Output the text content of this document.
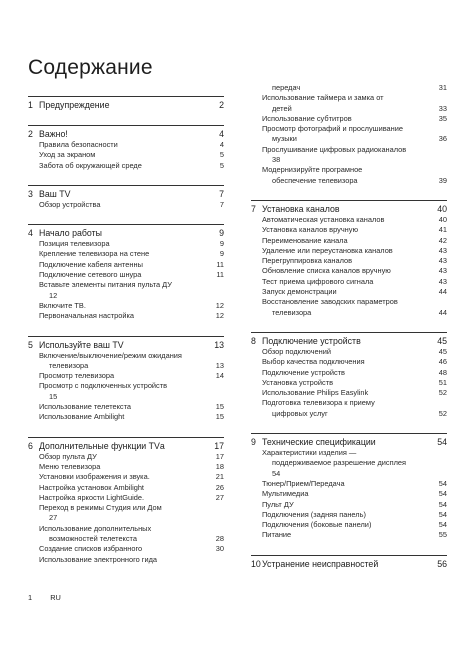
Содержание
1 Предупреждение	2
2 Важно!	4
Правила безопасности	4
Уход за экраном	5
Забота об окружающей среде	5
3 Ваш TV	7
Обзор устройства	7
4 Начало работы	9
Позиция телевизора	9
Крепление телевизора на стене	9
Подключение кабеля антенны	11
Подключение сетевого шнура	11
Вставьте элементы питания пульта ДУ
12
Включите ТВ.	12
Первоначальная настройка	12
5 Используйте ваш TV	13
Включение/выключение/режим ожидания
телевизора	13
Просмотр телевизора	14
Просмотр с подключенных устройств
15
Использование телетекста	15
Использование Ambilight	15
6 Дополнительные функции TVа	17
Обзор пульта ДУ	17
Меню телевизора	18
Установки изображения и звука.	21
Настройка установок Ambilight	26
Настройка яркости LightGuide.	27
Переход в режимы Студия или Дом
27
Использование дополнительных
возможностей телетекста	28
Создание списков избранного	30
Использование электронного гида
передач	31
Использование таймера и замка от
детей	33
Использование субтитров	35
Просмотр фотографий и прослушивание
музыки	36
Прослушивание цифровых радиоканалов
38
Модернизируйте програмное
обеспечение телевизора	39
7 Установка каналов	40
Автоматическая установка каналов	40
Установка каналов вручную	41
Переименование канала	42
Удаление или переустановка каналов	43
Перегруппировка каналов	43
Обновление списка каналов вручную	43
Тест приема цифрового сигнала	43
Запуск демонстрации	44
Восстановление заводских параметров
телевизора	44
8 Подключение устройств	45
Обзор подключений	45
Выбор качества подключения	46
Подключение устройств	48
Установка устройств	51
Использование Philips Easylink	52
Подготовка телевизора к приему
цифровых услуг	52
9 Технические спецификации	54
Характеристики изделия —
поддерживаемое разрешение дисплея
54
Тюнер/Прием/Передача	54
Мультимедиа	54
Пульт ДУ	54
Подключения (задняя панель)	54
Подключения (боковые панели)	54
Питание	55
10 Устранение неисправностей	56
1 RU
